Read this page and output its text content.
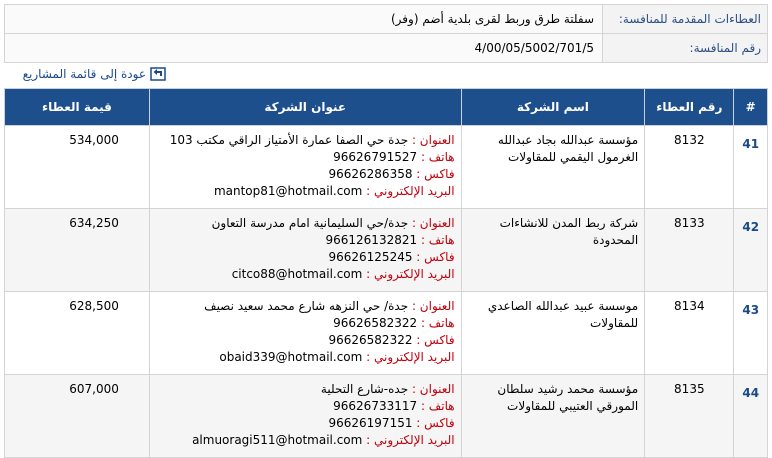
العطاءات المقدمة للمنافسة:	سفلتة طرق وربط لقرى بلدية أضم (وفر)
رقم المنافسة:	4/00/05/5002/701/5
عودة إلى قائمة المشاريع
#	رقم العطاء	اسم الشركة	عنوان الشركة	قيمة العطاء
41	8132	مؤسسة عبدالله بجاد عبدالله الغرمول اليقمي للمقاولات	العنوان : جدة حي الصفا عمارة الأمتياز الراقي مكتب 103
هاتف : 96626791527
فاكس : 96626286358
البريد الإلكتروني : mantop81@hotmail.com	534,000
42	8133	شركة ربط المدن للانشاءات المحدودة	العنوان : جدة/حي السليمانية امام مدرسة التعاون
هاتف : 966126132821
فاكس : 96626125245
البريد الإلكتروني : citco88@hotmail.com	634,250
43	8134	موسسة عبيد عبدالله الصاعدي للمقاولات	العنوان : جدة/ حي النزهه شارع محمد سعيد نصيف
هاتف : 96626582322
فاكس : 96626582322
البريد الإلكتروني : obaid339@hotmail.com	628,500
44	8135	مؤسسة محمد رشيد سلطان المورقي العتيبي للمقاولات	العنوان : جده-شارع التحلية
هاتف : 96626733117
فاكس : 96626197151
البريد الإلكتروني : almuoragi511@hotmail.com	607,000
